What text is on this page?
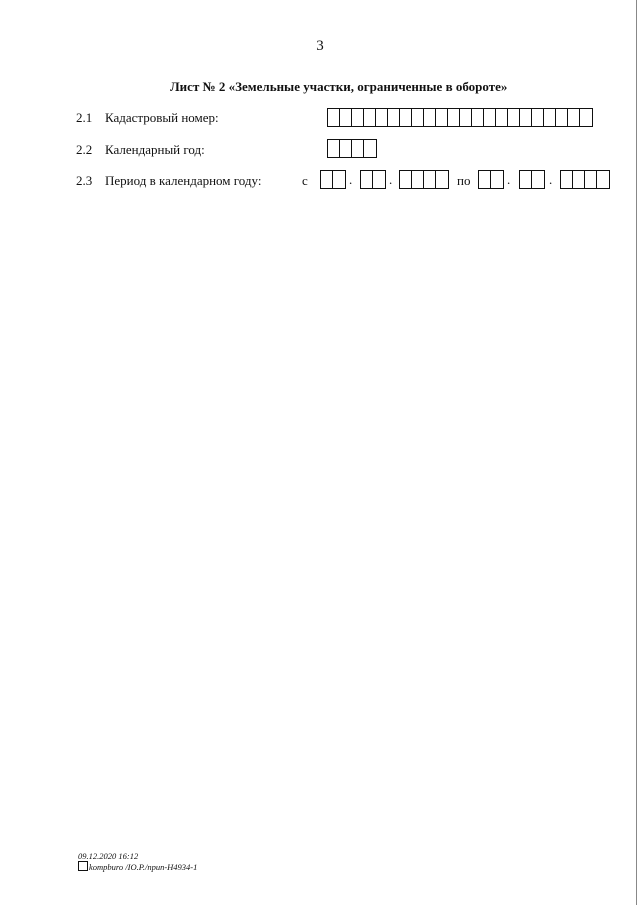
3
Лист № 2 «Земельные участки, ограниченные в обороте»
2.1 Кадастровый номер:
2.2 Календарный год:
2.3 Период в календарном году:	с	.	.	по	.	.
09.12.2020 16:12
kompburo /IO.P./npun-H4934-1
